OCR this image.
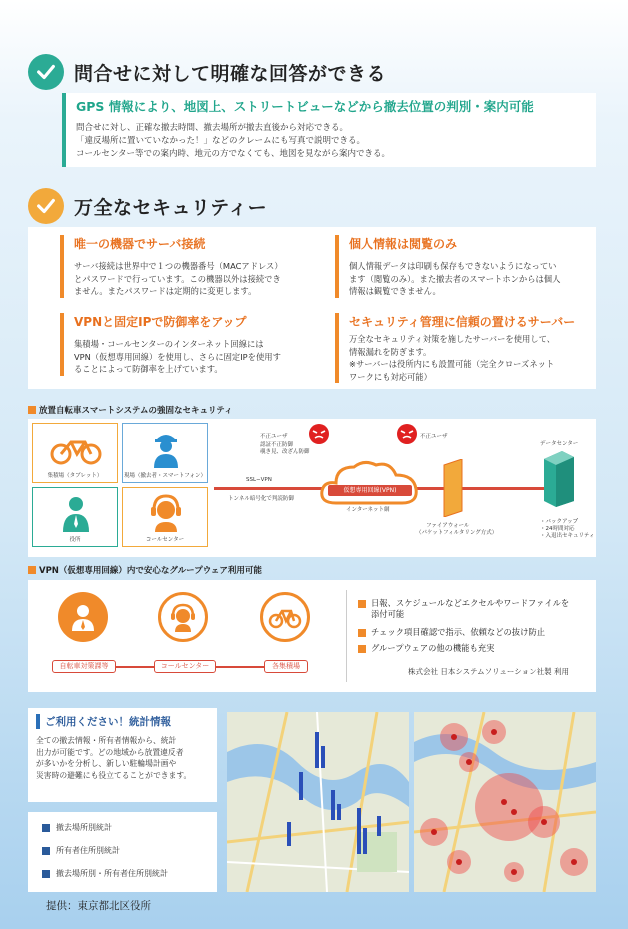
問合せに対して明確な回答ができる
GPS 情報により、地図上、ストリートビューなどから撤去位置の判別・案内可能
問合せに対し、正確な撤去時間、撤去場所が撤去直後から対応できる。
「違反場所に置いていなかった！」などのクレームにも写真で説明できる。
コールセンター等での案内時、地元の方でなくても、地図を見ながら案内できる。
万全なセキュリティー
唯一の機器でサーバ接続
サーバ接続は世界中で１つの機器番号（MACアドレス）
とパスワードで行っています。この機器以外は接続でき
ません。またパスワードは定期的に変更します。
個人情報は閲覧のみ
個人情報データは印刷も保存もできないようになってい
ます（閲覧のみ）。また撤去者のスマートホンからは個人
情報は観覧できません。
VPNと固定IPで防御率をアップ
集積場・コールセンターのインターネット回線には
VPN（仮想専用回線）を使用し、さらに固定IPを使用す
ることによって防御率を上げています。
セキュリティ管理に信頼の置けるサーバー
万全なセキュリティ対策を施したサーバーを使用して、
情報漏れを防ぎます。
※サーバーは役所内にも設置可能（完全クローズネット
ワークにも対応可能）
放置自転車スマートシステムの強固なセキュリティ
集積場（タブレット）	現場（撤去者・スマートフォン）
役所	コールセンター
不正ユーザ
認証不正防御
覗き見、改ざん防御
不正ユーザ
仮想専用回線(VPN)
インターネット網
SSL−VPN
トンネル暗号化で判読防御
ファイアウォール
（パケットフィルタリング方式）
データセンター
・バックアップ
・24時間対応
・入退出セキュリティ
VPN（仮想専用回線）内で安心なグループウェア利用可能
自転車対策課等	コールセンター	各集積場
日報、スケジュールなどエクセルやワードファイルを
添付可能
チェック項目確認で指示、依頼などの抜け防止
グループウェアの他の機能も充実
株式会社 日本システムソリューション社製 利用
ご利用ください！統計情報
全ての撤去情報・所有者情報から、統計
出力が可能です。どの地域から放置違反者
が多いかを分析し、新しい駐輪場計画や
災害時の避難にも役立てることができます。
撤去場所別統計
所有者住所別統計
撤去場所別・所有者住所別統計
提供：東京都北区役所
